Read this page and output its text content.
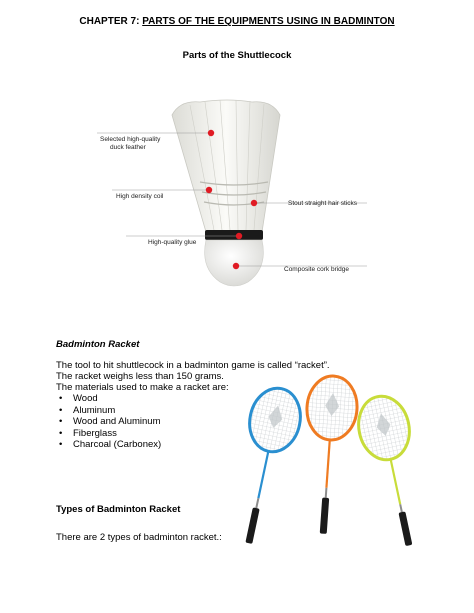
CHAPTER 7: PARTS OF THE EQUIPMENTS USING IN BADMINTON
Parts of the Shuttlecock
Selected high-quality
duck feather
High density coil
Stout straight hair sticks
High-quality glue
Composite cork bridge
Badminton Racket
The tool to hit shuttlecock in a badminton game is called “racket”.
The racket weighs less than 150 grams.
The materials used to make a racket are:
• Wood
• Aluminum
• Wood and Aluminum
• Fiberglass
• Charcoal (Carbonex)
Types of Badminton Racket
There are 2 types of badminton racket.:
